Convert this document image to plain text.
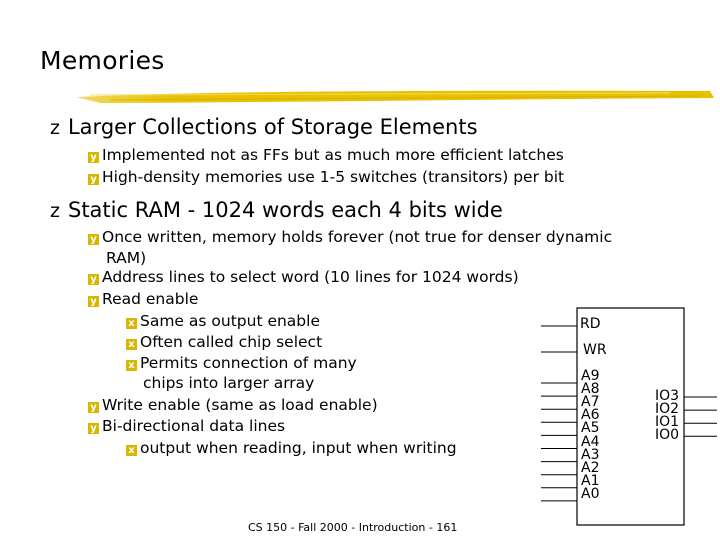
Memories
z Larger Collections of Storage Elements
y Implemented not as FFs but as much more efficient latches
y High-density memories use 1-5 switches (transitors) per bit
z Static RAM - 1024 words each 4 bits wide
y Once written, memory holds forever (not true for denser dynamic
RAM)
y Address lines to select word (10 lines for 1024 words)
y Read enable
x Same as output enable
x Often called chip select
x Permits connection of many
chips into larger array
y Write enable (same as load enable)
y Bi-directional data lines
x output when reading, input when writing
RD
WR
A9
A8
A7
A6
A5
A4
A3
A2
A1
A0
IO3
IO2
IO1
IO0
CS 150 - Fall 2000 - Introduction - 161
